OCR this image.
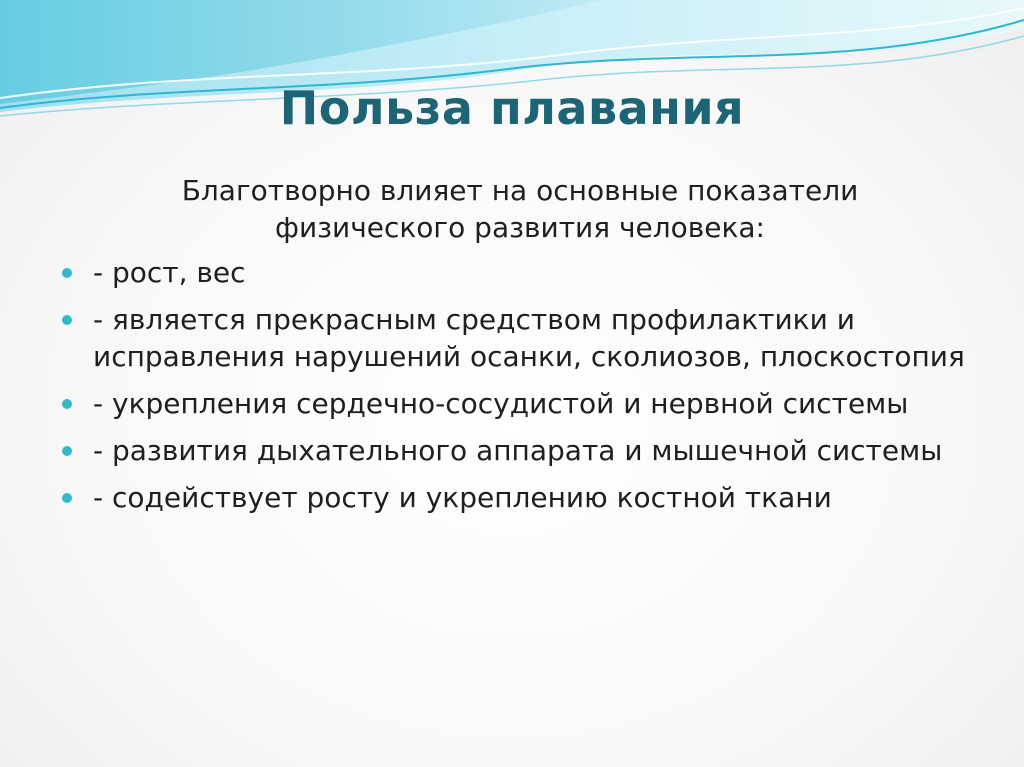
Польза плавания

Благотворно влияет на основные показатели
физического развития человека:

- рост, вес
- является прекрасным средством профилактики и исправления нарушений осанки, сколиозов, плоскостопия
- укрепления сердечно-сосудистой и нервной системы
- развития дыхательного аппарата и мышечной системы
- содействует росту и укреплению костной ткани
